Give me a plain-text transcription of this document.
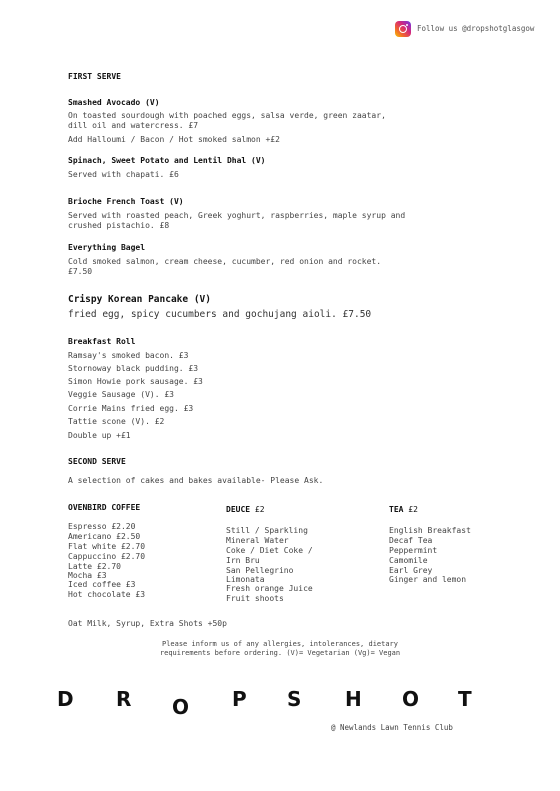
Follow us @dropshotglasgow
FIRST SERVE
Smashed Avocado (V)
On toasted sourdough with poached eggs, salsa verde, green zaatar,
dill oil and watercress. £7
Add Halloumi / Bacon / Hot smoked salmon +£2
Spinach, Sweet Potato and Lentil Dhal (V)
Served with chapati. £6
Brioche French Toast (V)
Served with roasted peach, Greek yoghurt, raspberries, maple syrup and
crushed pistachio. £8
Everything Bagel
Cold smoked salmon, cream cheese, cucumber, red onion and rocket.
£7.50
Crispy Korean Pancake (V)
fried egg, spicy cucumbers and gochujang aioli. £7.50
Breakfast Roll
Ramsay's smoked bacon. £3
Stornoway black pudding. £3
Simon Howie pork sausage. £3
Veggie Sausage (V). £3
Corrie Mains fried egg. £3
Tattie scone (V). £2
Double up +£1
SECOND SERVE
A selection of cakes and bakes available- Please Ask.
OVENBIRD COFFEE
Espresso £2.20
Americano £2.50
Flat white £2.70
Cappuccino £2.70
Latte £2.70
Mocha £3
Iced coffee £3
Hot chocolate £3
DEUCE £2
Still / Sparkling
Mineral Water
Coke / Diet Coke /
Irn Bru
San Pellegrino
Limonata
Fresh orange Juice
Fruit shoots
TEA £2
English Breakfast
Decaf Tea
Peppermint
Camomile
Earl Grey
Ginger and lemon
Oat Milk, Syrup, Extra Shots +50p
Please inform us of any allergies, intolerances, dietary
requirements before ordering. (V)= Vegetarian (Vg)= Vegan
D R O P S H O T
@ Newlands Lawn Tennis Club
